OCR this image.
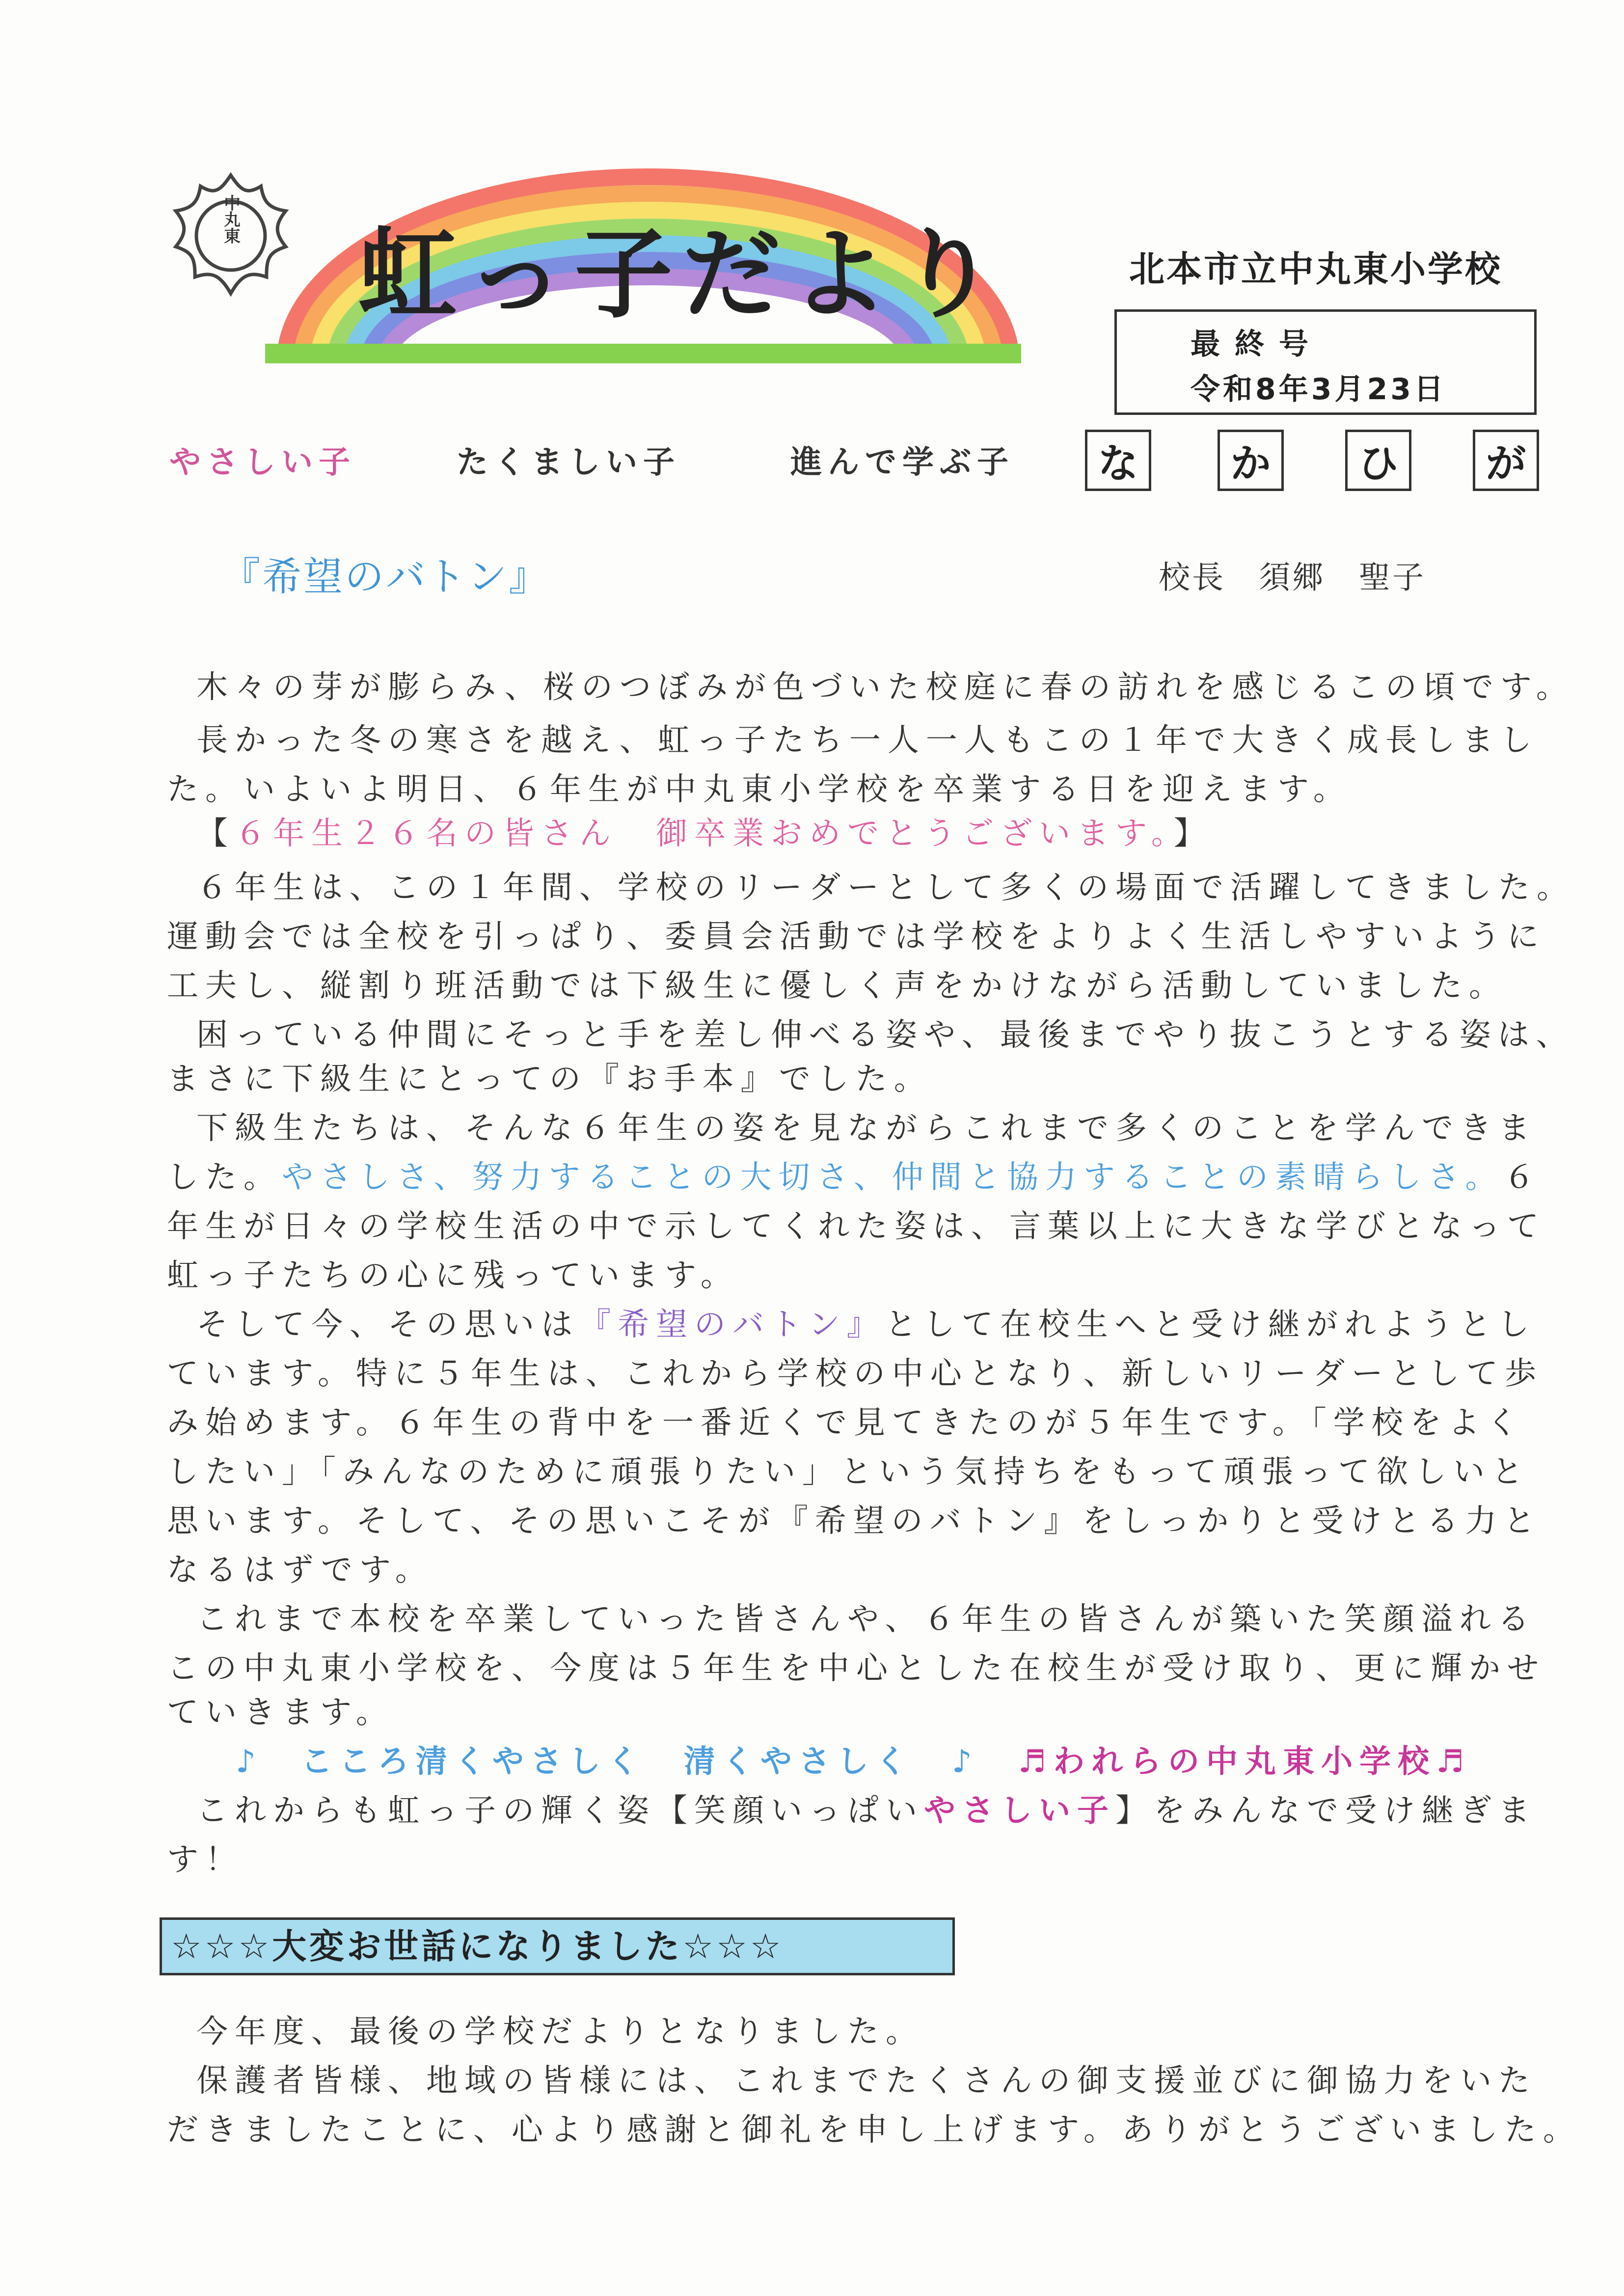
中丸東 虹っ子だより	北本市立中丸東小学校
最終号
令和8年3月23日
やさしい子	たくましい子	進んで学ぶ子	な	か	ひ	が
『希望のバトン』	校長　須郷　聖子
木々の芽が膨らみ、桜のつぼみが色づいた校庭に春の訪れを感じるこの頃です。
長かった冬の寒さを越え、虹っ子たち一人一人もこの１年で大きく成長しまし
た。いよいよ明日、６年生が中丸東小学校を卒業する日を迎えます。
【６年生２６名の皆さん　御卒業おめでとうございます。】
６年生は、この１年間、学校のリーダーとして多くの場面で活躍してきました。
運動会では全校を引っぱり、委員会活動では学校をよりよく生活しやすいように
工夫し、縦割り班活動では下級生に優しく声をかけながら活動していました。
困っている仲間にそっと手を差し伸べる姿や、最後までやり抜こうとする姿は、
まさに下級生にとっての『お手本』でした。
下級生たちは、そんな６年生の姿を見ながらこれまで多くのことを学んできま
した。やさしさ、努力することの大切さ、仲間と協力することの素晴らしさ。６
年生が日々の学校生活の中で示してくれた姿は、言葉以上に大きな学びとなって
虹っ子たちの心に残っています。
そして今、その思いは『希望のバトン』として在校生へと受け継がれようとし
ています。特に５年生は、これから学校の中心となり、新しいリーダーとして歩
み始めます。６年生の背中を一番近くで見てきたのが５年生です。「学校をよく
したい」「みんなのために頑張りたい」という気持ちをもって頑張って欲しいと
思います。そして、その思いこそが『希望のバトン』をしっかりと受けとる力と
なるはずです。
これまで本校を卒業していった皆さんや、６年生の皆さんが築いた笑顔溢れる
この中丸東小学校を、今度は５年生を中心とした在校生が受け取り、更に輝かせ
ていきます。
♪　こころ清くやさしく　清くやさしく　♪ ♬われらの中丸東小学校♬
これからも虹っ子の輝く姿【笑顔いっぱいやさしい子】をみんなで受け継ぎま
す！
☆☆☆大変お世話になりました☆☆☆
今年度、最後の学校だよりとなりました。
保護者皆様、地域の皆様には、これまでたくさんの御支援並びに御協力をいた
だきましたことに、心より感謝と御礼を申し上げます。ありがとうございました。
